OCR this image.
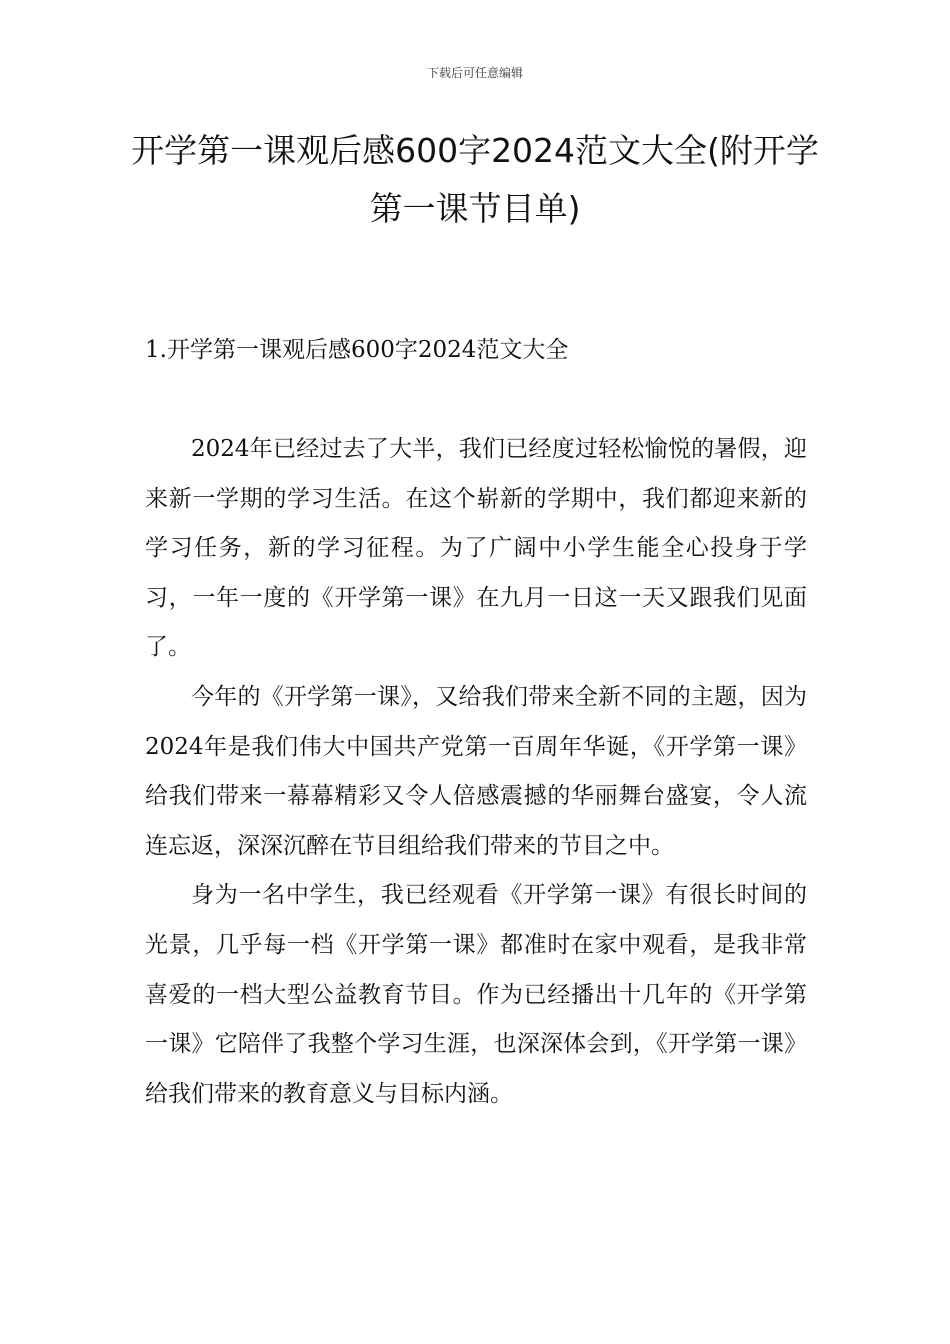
下载后可任意编辑
开学第一课观后感600字2024范文大全(附开学第一课节目单)
1.开学第一课观后感600字2024范文大全

2024年已经过去了大半，我们已经度过轻松愉悦的暑假，迎来新一学期的学习生活。在这个崭新的学期中，我们都迎来新的学习任务，新的学习征程。为了广阔中小学生能全心投身于学习，一年一度的《开学第一课》在九月一日这一天又跟我们见面了。

今年的《开学第一课》，又给我们带来全新不同的主题，因为2024年是我们伟大中国共产党第一百周年华诞，《开学第一课》给我们带来一幕幕精彩又令人倍感震撼的华丽舞台盛宴，令人流连忘返，深深沉醉在节目组给我们带来的节目之中。

身为一名中学生，我已经观看《开学第一课》有很长时间的光景，几乎每一档《开学第一课》都准时在家中观看，是我非常喜爱的一档大型公益教育节目。作为已经播出十几年的《开学第一课》它陪伴了我整个学习生涯，也深深体会到，《开学第一课》给我们带来的教育意义与目标内涵。
